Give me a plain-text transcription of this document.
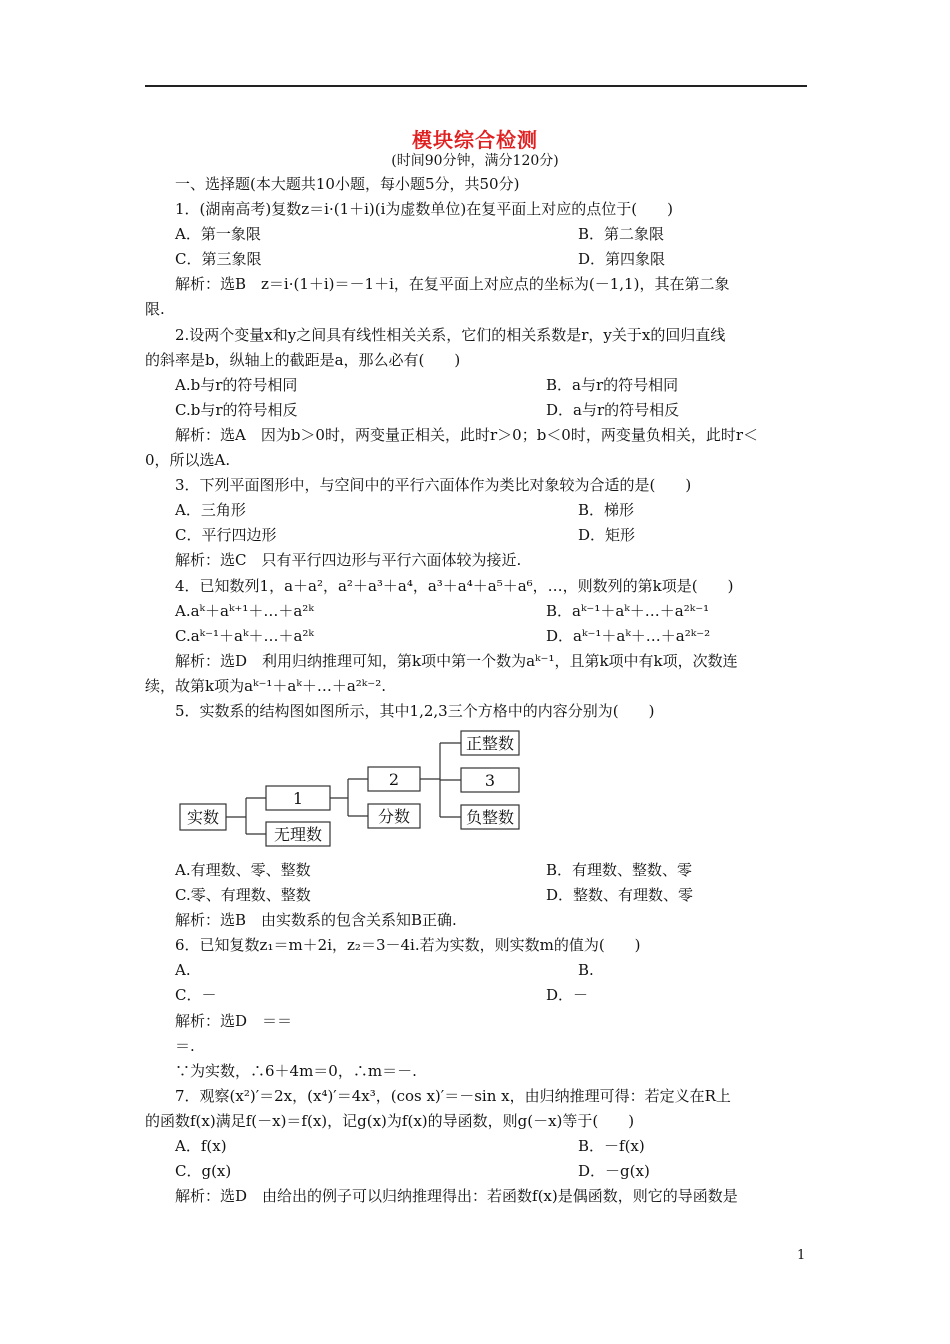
模块综合检测
(时间90分钟，满分120分)
一、选择题(本大题共10小题，每小题5分，共50分)
1．(湖南高考)复数z＝i·(1＋i)(i为虚数单位)在复平面上对应的点位于(　　)
A．第一象限	B．第二象限
C．第三象限	D．第四象限
解析：选B　z＝i·(1＋i)＝－1＋i，在复平面上对应点的坐标为(－1,1)，其在第二象
限.
2.设两个变量x和y之间具有线性相关关系，它们的相关系数是r，y关于x的回归直线
的斜率是b，纵轴上的截距是a，那么必有(　　)
A.b与r的符号相同	B．a与r的符号相同
C.b与r的符号相反	D．a与r的符号相反
解析：选A　因为b＞0时，两变量正相关，此时r＞0；b＜0时，两变量负相关，此时r＜
0，所以选A.
3．下列平面图形中，与空间中的平行六面体作为类比对象较为合适的是(　　)
A．三角形	B．梯形
C．平行四边形	D．矩形
解析：选C　只有平行四边形与平行六面体较为接近.
4．已知数列1，a＋a²，a²＋a³＋a⁴，a³＋a⁴＋a⁵＋a⁶，…，则数列的第k项是(　　)
A.aᵏ＋aᵏ⁺¹＋…＋a²ᵏ	B．aᵏ⁻¹＋aᵏ＋…＋a²ᵏ⁻¹
C.aᵏ⁻¹＋aᵏ＋…＋a²ᵏ	D．aᵏ⁻¹＋aᵏ＋…＋a²ᵏ⁻²
解析：选D　利用归纳推理可知，第k项中第一个数为aᵏ⁻¹，且第k项中有k项，次数连
续，故第k项为aᵏ⁻¹＋aᵏ＋…＋a²ᵏ⁻².
5．实数系的结构图如图所示，其中1,2,3三个方格中的内容分别为(　　)
实数
1
无理数
2
分数
正整数
3
负整数
A.有理数、零、整数	B．有理数、整数、零
C.零、有理数、整数	D．整数、有理数、零
解析：选B　由实数系的包含关系知B正确.
6．已知复数z₁＝m＋2i，z₂＝3－4i.若为实数，则实数m的值为(　　)
A.	B.
C．－	D．－
解析：选D　＝＝
＝.
∵为实数，∴6＋4m＝0，∴m＝－.
7．观察(x²)′＝2x，(x⁴)′＝4x³，(cos x)′＝－sin x，由归纳推理可得：若定义在R上
的函数f(x)满足f(－x)＝f(x)，记g(x)为f(x)的导函数，则g(－x)等于(　　)
A．f(x)	B．－f(x)
C．g(x)	D．－g(x)
解析：选D　由给出的例子可以归纳推理得出：若函数f(x)是偶函数，则它的导函数是
1
